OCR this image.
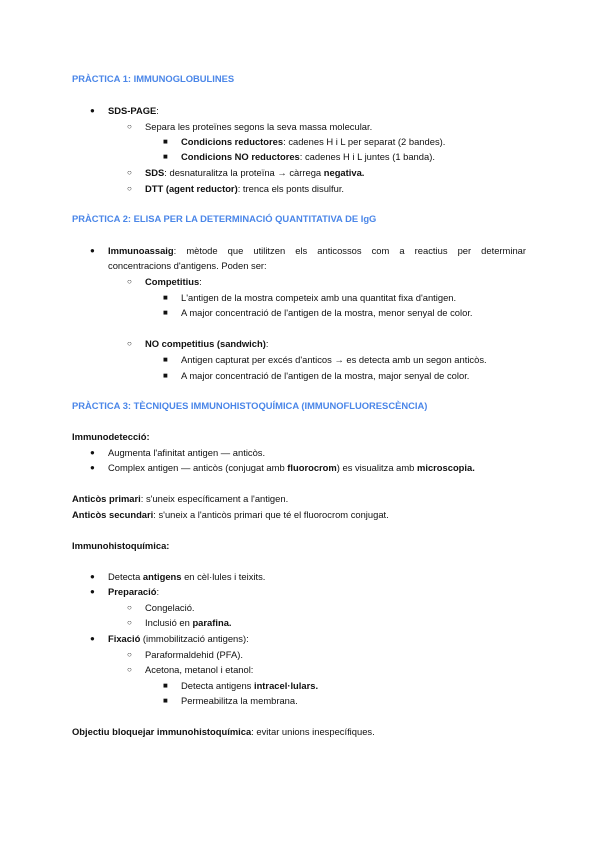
PRÀCTICA 1: IMMUNOGLOBULINES
● SDS-PAGE:
○ Separa les proteïnes segons la seva massa molecular.
■ Condicions reductores: cadenes H i L per separat (2 bandes).
■ Condicions NO reductores: cadenes H i L juntes (1 banda).
○ SDS: desnaturalitza la proteïna → càrrega negativa.
○ DTT (agent reductor): trenca els ponts disulfur.
PRÀCTICA 2: ELISA PER LA DETERMINACIÓ QUANTITATIVA DE IgG
● Immunoassaig: mètode que utilitzen els anticossos com a reactius per determinar
concentracions d'antigens. Poden ser:
○ Competitius:
■ L'antigen de la mostra competeix amb una quantitat fixa d'antigen.
■ A major concentració de l'antigen de la mostra, menor senyal de color.
○ NO competitius (sandwich):
■ Antigen capturat per excés d'anticos → es detecta amb un segon anticòs.
■ A major concentració de l'antigen de la mostra, major senyal de color.
PRÀCTICA 3: TÈCNIQUES IMMUNOHISTOQUÍMICA (IMMUNOFLUORESCÈNCIA)
Immunodetecció:
● Augmenta l'afinitat antigen — anticòs.
● Complex antigen — anticòs (conjugat amb fluorocrom) es visualitza amb microscopia.
Anticòs primari: s'uneix específicament a l'antigen.
Anticòs secundari: s'uneix a l'anticòs primari que té el fluorocrom conjugat.
Immunohistoquímica:
● Detecta antigens en cèl·lules i teixits.
● Preparació:
○ Congelació.
○ Inclusió en parafina.
● Fixació (immobilització antigens):
○ Paraformaldehid (PFA).
○ Acetona, metanol i etanol:
■ Detecta antigens intracel·lulars.
■ Permeabilitza la membrana.
Objectiu bloquejar immunohistoquímica: evitar unions inespecífiques.
